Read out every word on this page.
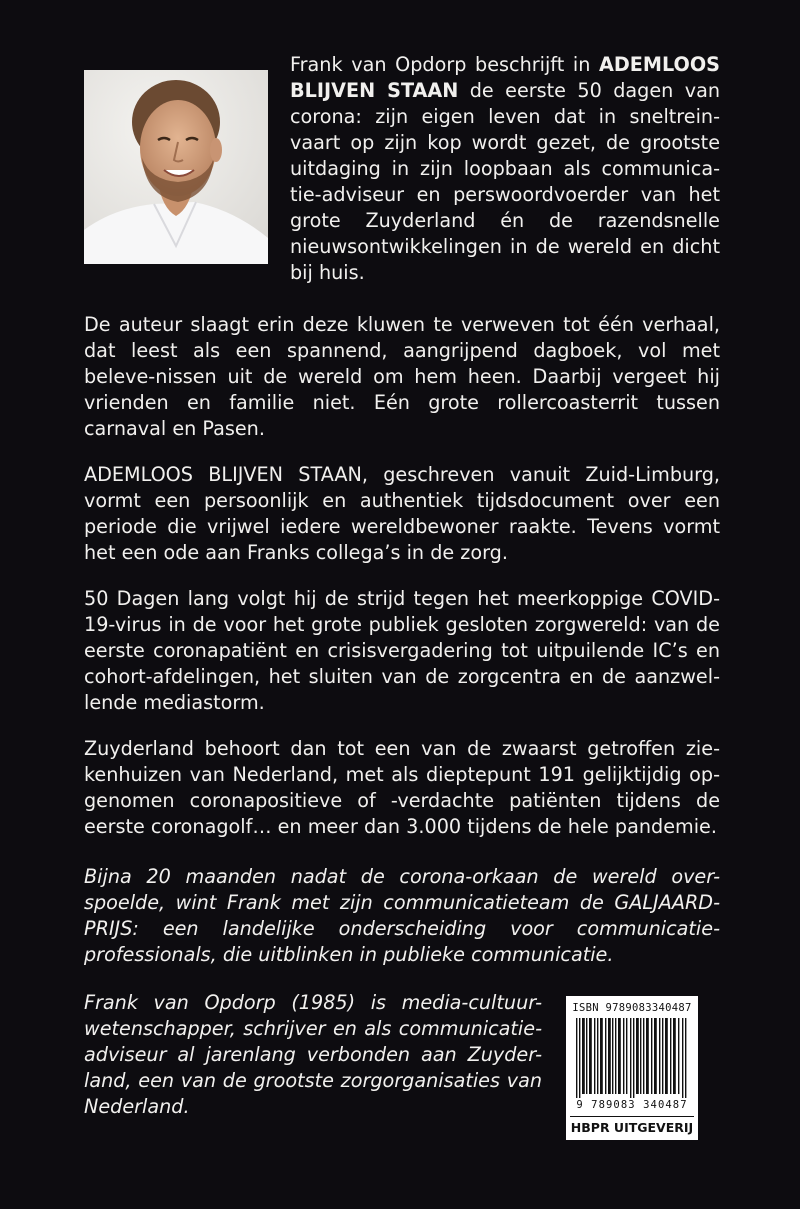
Frank van Opdorp beschrijft in ADEMLOOS BLIJVEN STAAN de eerste 50 dagen van corona: zijn eigen leven dat in sneltrein-vaart op zijn kop wordt gezet, de grootste uitdaging in zijn loopbaan als communica-tie-adviseur en perswoordvoerder van het grote Zuyderland én de razendsnelle nieuwsontwikkelingen in de wereld en dicht bij huis.

De auteur slaagt erin deze kluwen te verweven tot één verhaal, dat leest als een spannend, aangrijpend dagboek, vol met beleve-nissen uit de wereld om hem heen. Daarbij vergeet hij vrienden en familie niet. Eén grote rollercoasterrit tussen carnaval en Pasen.

ADEMLOOS BLIJVEN STAAN, geschreven vanuit Zuid-Limburg, vormt een persoonlijk en authentiek tijdsdocument over een periode die vrijwel iedere wereldbewoner raakte. Tevens vormt het een ode aan Franks collega’s in de zorg.

50 Dagen lang volgt hij de strijd tegen het meerkoppige COVID-19-virus in de voor het grote publiek gesloten zorgwereld: van de eerste coronapatiënt en crisisvergadering tot uitpuilende IC’s en cohort-afdelingen, het sluiten van de zorgcentra en de aanzwel-lende mediastorm.

Zuyderland behoort dan tot een van de zwaarst getroffen zie-kenhuizen van Nederland, met als dieptepunt 191 gelijktijdig op-genomen coronapositieve of -verdachte patiënten tijdens de eerste coronagolf… en meer dan 3.000 tijdens de hele pandemie.

Bijna 20 maanden nadat de corona-orkaan de wereld over-spoelde, wint Frank met zijn communicatieteam de GALJAARD-PRIJS: een landelijke onderscheiding voor communicatie-professionals, die uitblinken in publieke communicatie.

Frank van Opdorp (1985) is media-cultuur-wetenschapper, schrijver en als communicatie-adviseur al jarenlang verbonden aan Zuyder-land, een van de grootste zorgorganisaties van Nederland.

ISBN 9789083340487
9 789083 340487
HBPR UITGEVERIJ
